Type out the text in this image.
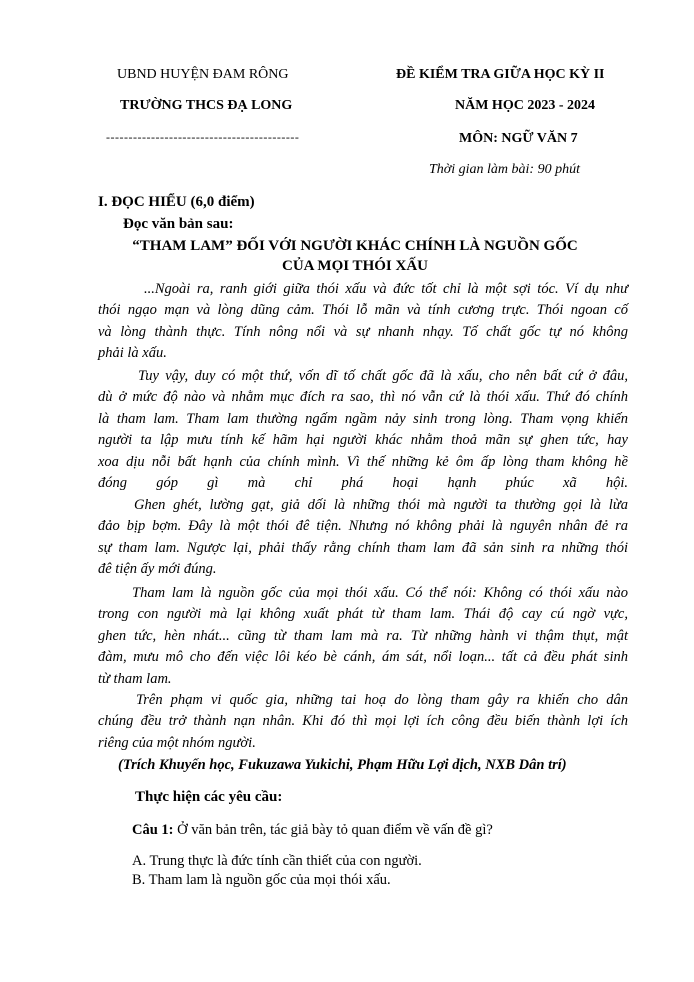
UBND HUYỆN ĐAM RÔNG
TRƯỜNG THCS ĐẠ LONG
-------------------------------------------
ĐỀ KIỂM TRA GIỮA HỌC KỲ II
NĂM HỌC 2023 - 2024
MÔN: NGỮ VĂN 7
Thời gian làm bài: 90 phút
I. ĐỌC HIỂU (6,0 điểm)
Đọc văn bản sau:
“THAM LAM” ĐỐI VỚI NGƯỜI KHÁC CHÍNH LÀ NGUỒN GỐC
CỦA MỌI THÓI XẤU
...Ngoài ra, ranh giới giữa thói xấu và đức tốt chỉ là một sợi tóc. Ví dụ như
thói ngạo mạn và lòng dũng cảm. Thói lỗ mãn và tính cương trực. Thói ngoan cố
và lòng thành thực. Tính nông nổi và sự nhanh nhạy. Tố chất gốc tự nó không
phải là xấu.
Tuy vậy, duy có một thứ, vốn dĩ tố chất gốc đã là xấu, cho nên bất cứ ở đâu,
dù ở mức độ nào và nhằm mục đích ra sao, thì nó vẫn cứ là thói xấu. Thứ đó chính
là tham lam. Tham lam thường ngấm ngầm nảy sinh trong lòng. Tham vọng khiến
người ta lập mưu tính kế hãm hại người khác nhằm thoả mãn sự ghen tức, hay
xoa dịu nỗi bất hạnh của chính mình. Vì thế những kẻ ôm ấp lòng tham không hề
đóng góp gì mà chỉ phá hoại hạnh phúc xã hội.
Ghen ghét, lường gạt, giả dối là những thói mà người ta thường gọi là lừa
đảo bịp bợm. Đây là một thói đê tiện. Nhưng nó không phải là nguyên nhân đẻ ra
sự tham lam. Ngược lại, phải thấy rằng chính tham lam đã sản sinh ra những thói
đê tiện ấy mới đúng.
Tham lam là nguồn gốc của mọi thói xấu. Có thể nói: Không có thói xấu nào
trong con người mà lại không xuất phát từ tham lam. Thái độ cay cú ngờ vực,
ghen tức, hèn nhát... cũng từ tham lam mà ra. Từ những hành vi thậm thụt, mật
đàm, mưu mô cho đến việc lôi kéo bè cánh, ám sát, nổi loạn... tất cả đều phát sinh
từ tham lam.
Trên phạm vi quốc gia, những tai hoạ do lòng tham gây ra khiến cho dân
chúng đều trở thành nạn nhân. Khi đó thì mọi lợi ích công đều biến thành lợi ích
riêng của một nhóm người.
(Trích Khuyến học, Fukuzawa Yukichi, Phạm Hữu Lợi dịch, NXB Dân trí)
Thực hiện các yêu cầu:
Câu 1: Ở văn bản trên, tác giả bày tỏ quan điểm về vấn đề gì?
A. Trung thực là đức tính cần thiết của con người.
B. Tham lam là nguồn gốc của mọi thói xấu.
